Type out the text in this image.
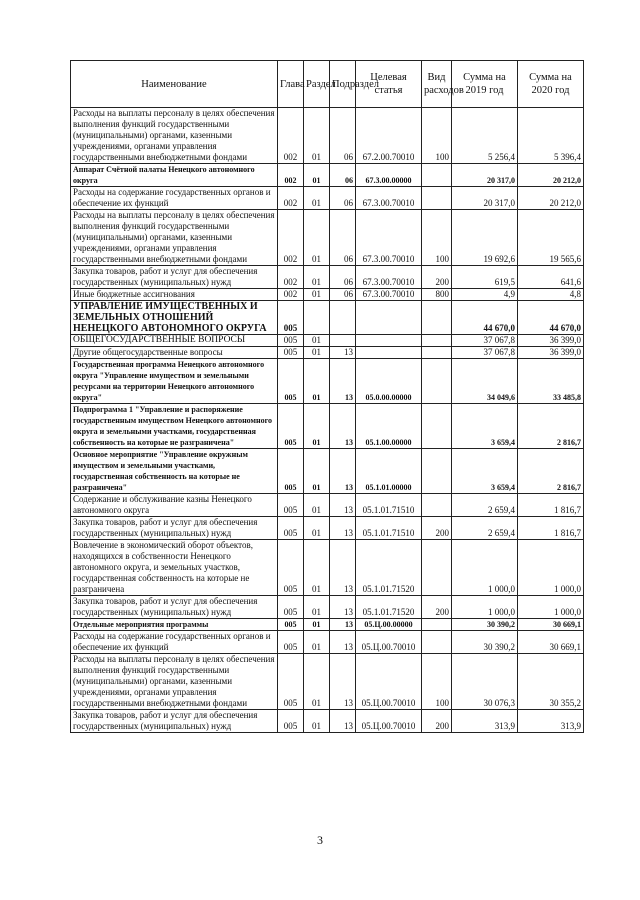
Наименование	Глава	Раздел	Подраздел	Целевая статья	Вид расходов	Сумма на 2019 год	Сумма на 2020 год
Расходы на выплаты персоналу в целях обеспечения выполнения функций государственными (муниципальными) органами, казенными учреждениями, органами управления государственными внебюджетными фондами	002	01	06	67.2.00.70010	100	5 256,4	5 396,4
Аппарат Счётной палаты Ненецкого автономного округа	002	01	06	67.3.00.00000		20 317,0	20 212,0
Расходы на содержание государственных органов и обеспечение их функций	002	01	06	67.3.00.70010		20 317,0	20 212,0
Расходы на выплаты персоналу в целях обеспечения выполнения функций государственными (муниципальными) органами, казенными учреждениями, органами управления государственными внебюджетными фондами	002	01	06	67.3.00.70010	100	19 692,6	19 565,6
Закупка товаров, работ и услуг для обеспечения государственных (муниципальных) нужд	002	01	06	67.3.00.70010	200	619,5	641,6
Иные бюджетные ассигнования	002	01	06	67.3.00.70010	800	4,9	4,8
УПРАВЛЕНИЕ ИМУЩЕСТВЕННЫХ И ЗЕМЕЛЬНЫХ ОТНОШЕНИЙ НЕНЕЦКОГО АВТОНОМНОГО ОКРУГА	005					44 670,0	44 670,0
ОБЩЕГОСУДАРСТВЕННЫЕ ВОПРОСЫ	005	01				37 067,8	36 399,0
Другие общегосударственные вопросы	005	01	13			37 067,8	36 399,0
Государственная программа Ненецкого автономного округа "Управление имуществом и земельными ресурсами на территории Ненецкого автономного округа"	005	01	13	05.0.00.00000		34 049,6	33 485,8
Подпрограмма 1 "Управление и распоряжение государственным имуществом Ненецкого автономного округа и земельными участками, государственная собственность на которые не разграничена"	005	01	13	05.1.00.00000		3 659,4	2 816,7
Основное мероприятие "Управление окружным имуществом и земельными участками, государственная собственность на которые не разграничена"	005	01	13	05.1.01.00000		3 659,4	2 816,7
Содержание и обслуживание казны Ненецкого автономного округа	005	01	13	05.1.01.71510		2 659,4	1 816,7
Закупка товаров, работ и услуг для обеспечения государственных (муниципальных) нужд	005	01	13	05.1.01.71510	200	2 659,4	1 816,7
Вовлечение в экономический оборот объектов, находящихся в собственности Ненецкого автономного округа, и земельных участков, государственная собственность на которые не разграничена	005	01	13	05.1.01.71520		1 000,0	1 000,0
Закупка товаров, работ и услуг для обеспечения государственных (муниципальных) нужд	005	01	13	05.1.01.71520	200	1 000,0	1 000,0
Отдельные мероприятия программы	005	01	13	05.Ц.00.00000		30 390,2	30 669,1
Расходы на содержание государственных органов и обеспечение их функций	005	01	13	05.Ц.00.70010		30 390,2	30 669,1
Расходы на выплаты персоналу в целях обеспечения выполнения функций государственными (муниципальными) органами, казенными учреждениями, органами управления государственными внебюджетными фондами	005	01	13	05.Ц.00.70010	100	30 076,3	30 355,2
Закупка товаров, работ и услуг для обеспечения государственных (муниципальных) нужд	005	01	13	05.Ц.00.70010	200	313,9	313,9
3
